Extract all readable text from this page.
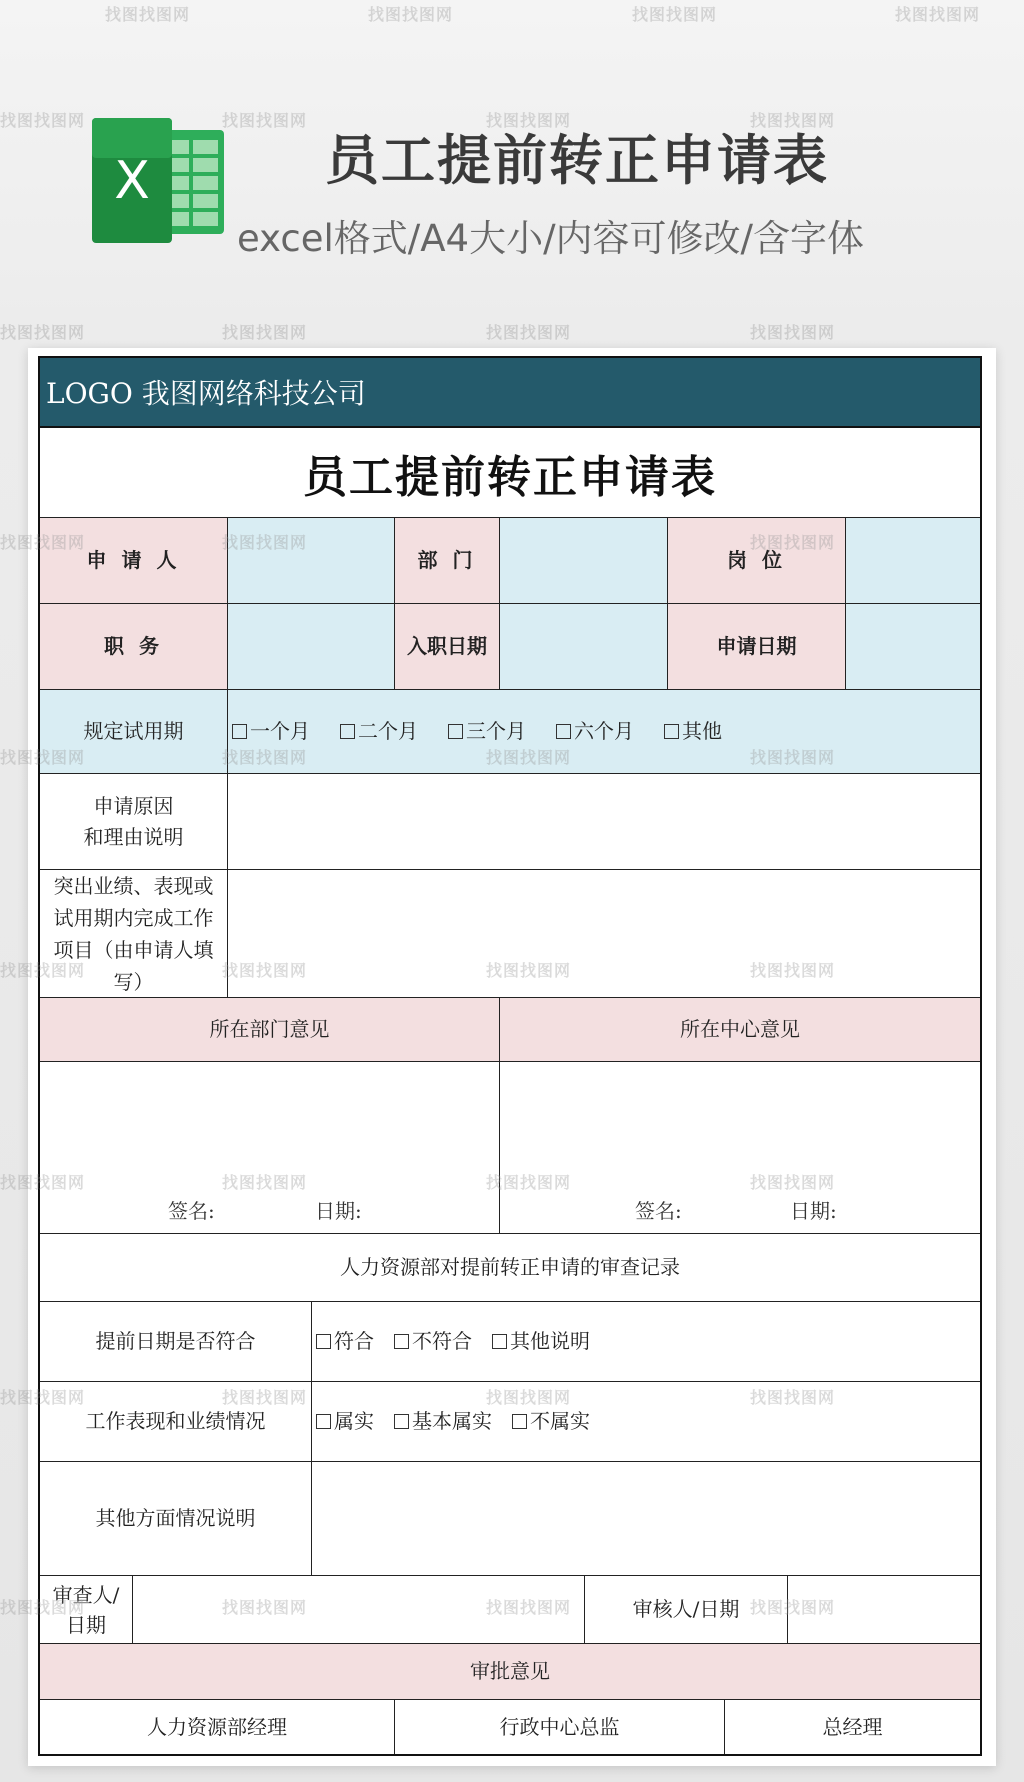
X	员工提前转正申请表
excel格式/A4大小/内容可修改/含字体
LOGO 我图网络科技公司
员工提前转正申请表
申 请 人	部 门	岗 位
职 务	入职日期	申请日期
规定试用期	一个月 二个月 三个月 六个月 其他
申请原因
和理由说明
突出业绩、表现或
试用期内完成工作
项目（由申请人填
写）
所在部门意见	所在中心意见
签名:	日期:	签名:	日期:
人力资源部对提前转正申请的审查记录
提前日期是否符合	符合 不符合 其他说明
工作表现和业绩情况	属实 基本属实 不属实
其他方面情况说明
审查人/
日期
审核人/日期
审批意见
人力资源部经理	行政中心总监	总经理
找图找图网	找图找图网	找图找图网	找图找图网
找图找图网	找图找图网	找图找图网	找图找图网
找图找图网	找图找图网	找图找图网	找图找图网
找图找图网	找图找图网	找图找图网
找图找图网	找图找图网	找图找图网	找图找图网
找图找图网	找图找图网	找图找图网	找图找图网
找图找图网	找图找图网	找图找图网	找图找图网
找图找图网	找图找图网	找图找图网	找图找图网
找图找图网	找图找图网	找图找图网	找图找图网
